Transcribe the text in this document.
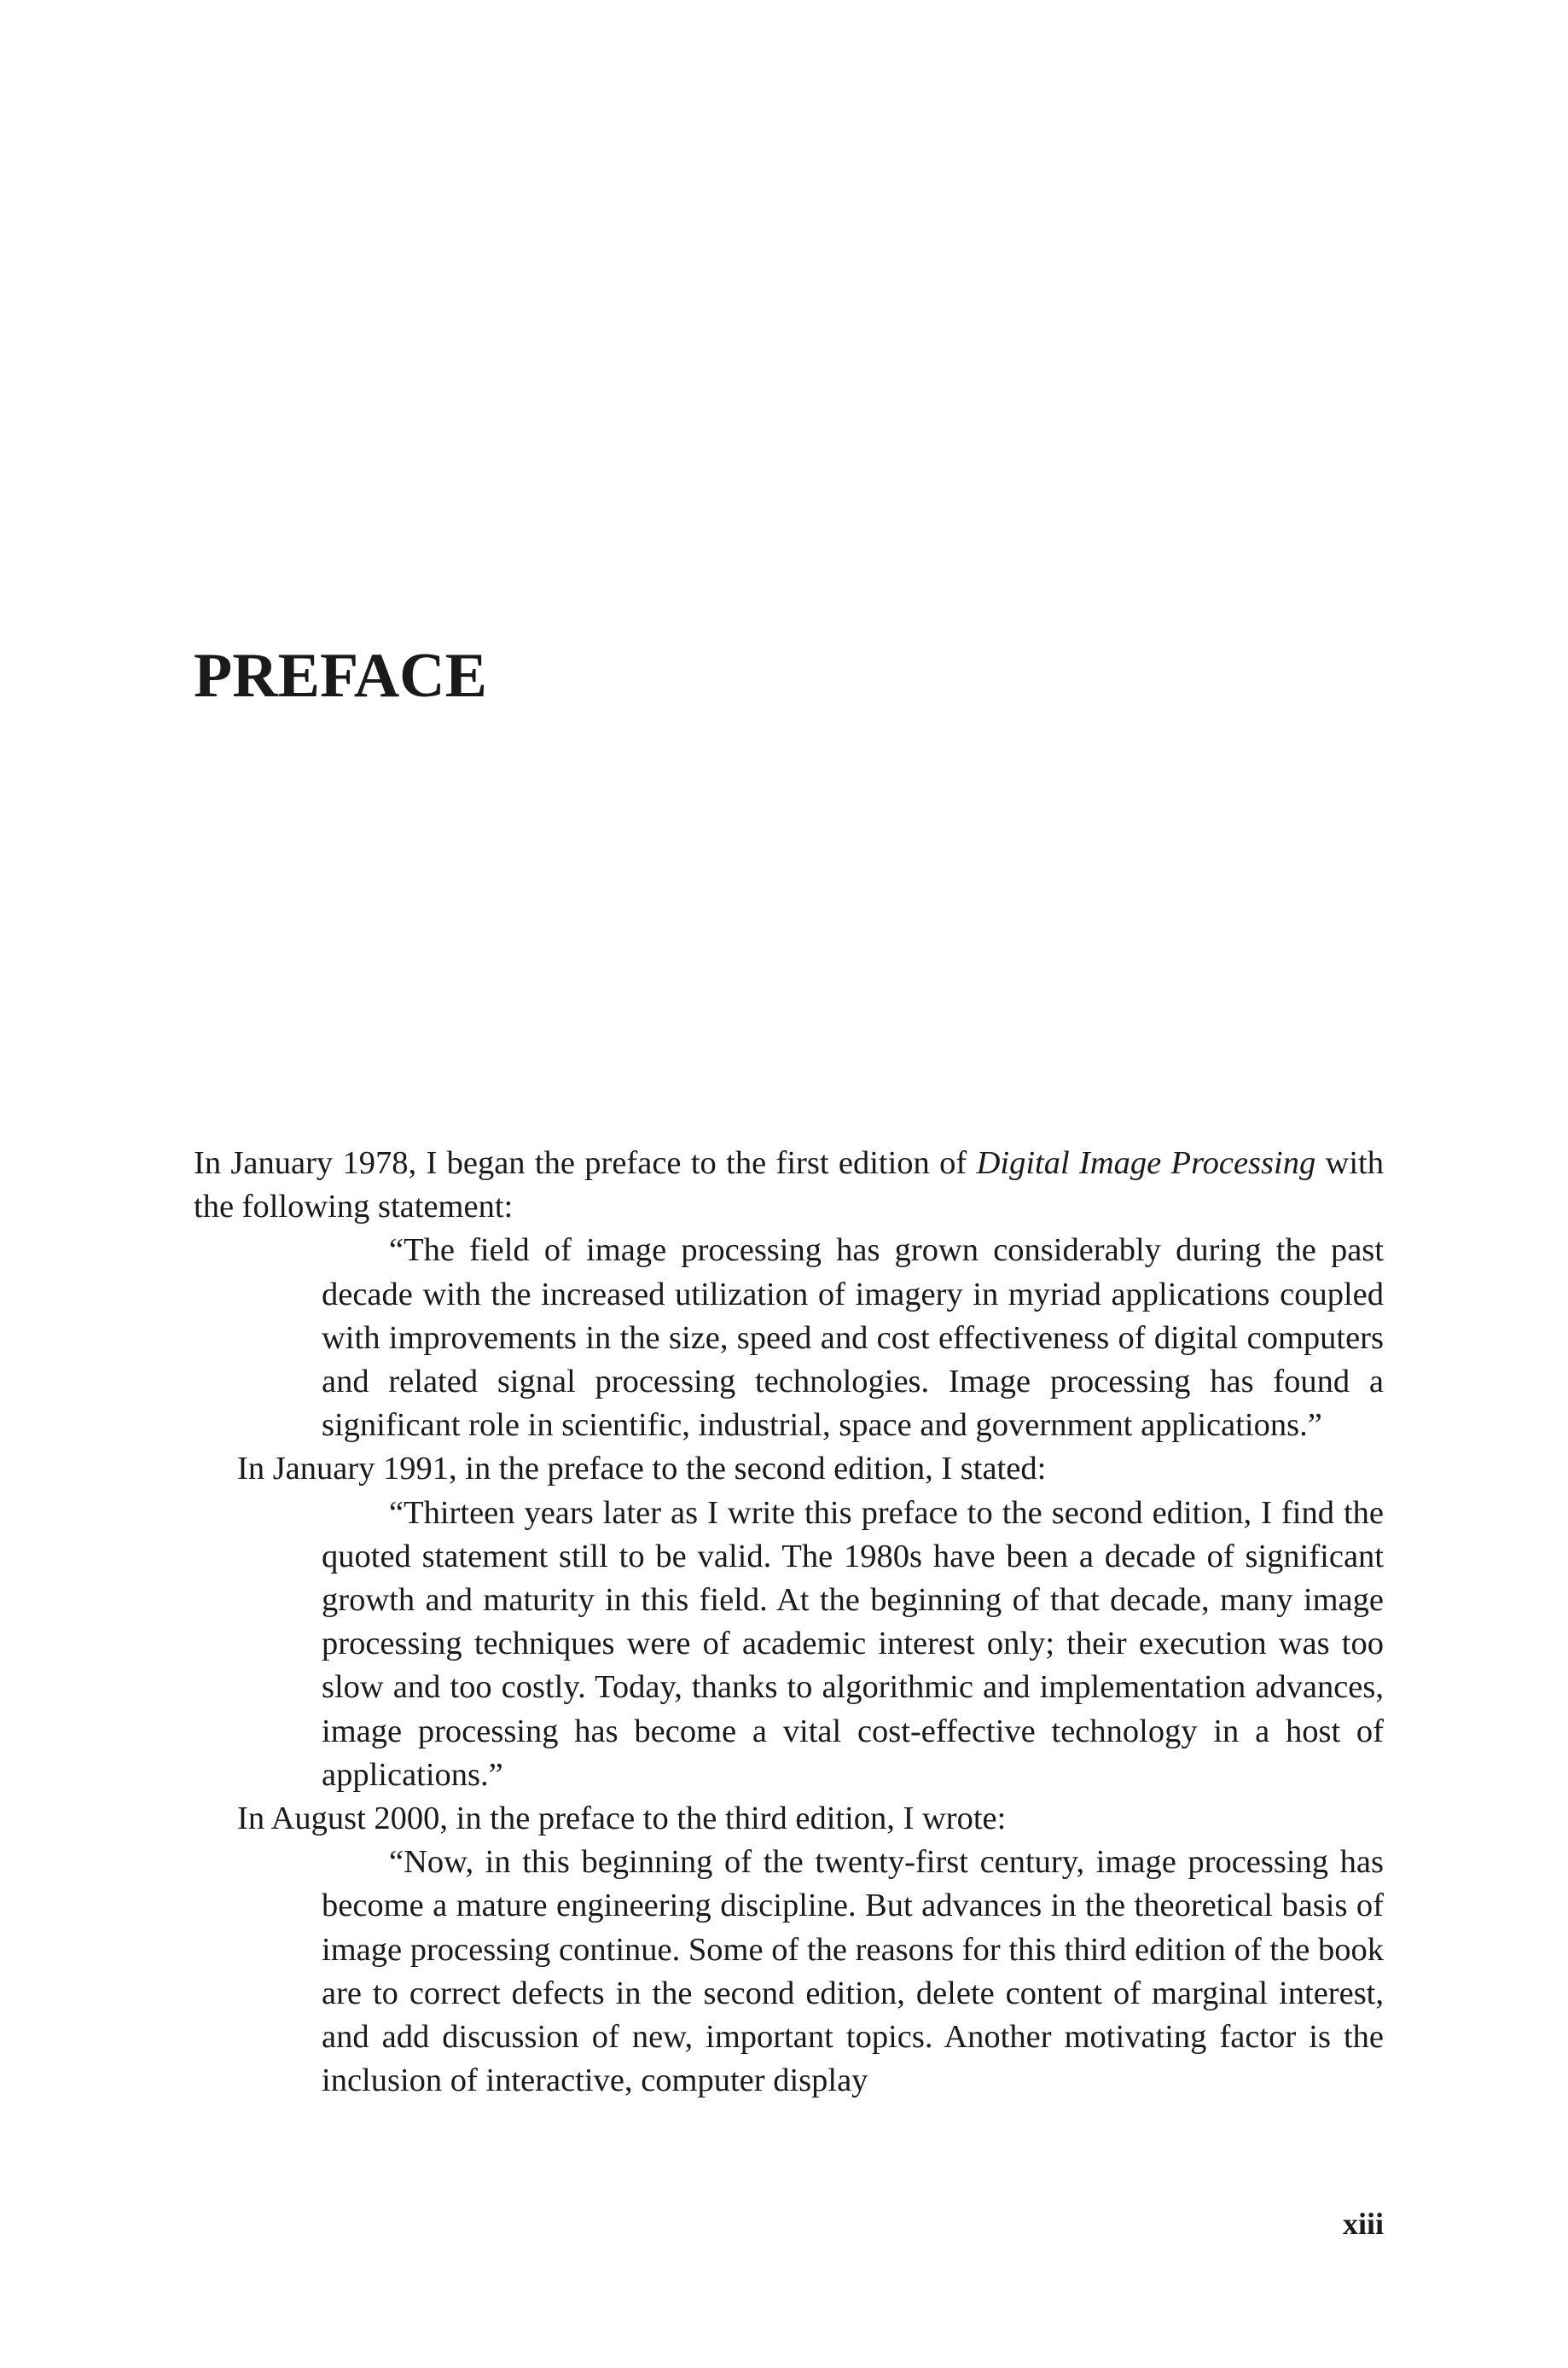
PREFACE

In January 1978, I began the preface to the first edition of Digital Image Processing with the following statement:

“The field of image processing has grown considerably during the past decade with the increased utilization of imagery in myriad applications coupled with improvements in the size, speed and cost effectiveness of digital computers and related signal processing technologies. Image processing has found a significant role in scientific, industrial, space and government applications.”

In January 1991, in the preface to the second edition, I stated:

“Thirteen years later as I write this preface to the second edition, I find the quoted statement still to be valid. The 1980s have been a decade of significant growth and maturity in this field. At the beginning of that decade, many image processing techniques were of academic interest only; their execution was too slow and too costly. Today, thanks to algorithmic and implementation advances, image processing has become a vital cost-effective technology in a host of applications.”

In August 2000, in the preface to the third edition, I wrote:

“Now, in this beginning of the twenty-first century, image processing has become a mature engineering discipline. But advances in the theoretical basis of image processing continue. Some of the reasons for this third edition of the book are to correct defects in the second edition, delete content of marginal interest, and add discussion of new, important topics. Another motivating factor is the inclusion of interactive, computer display

xiii
